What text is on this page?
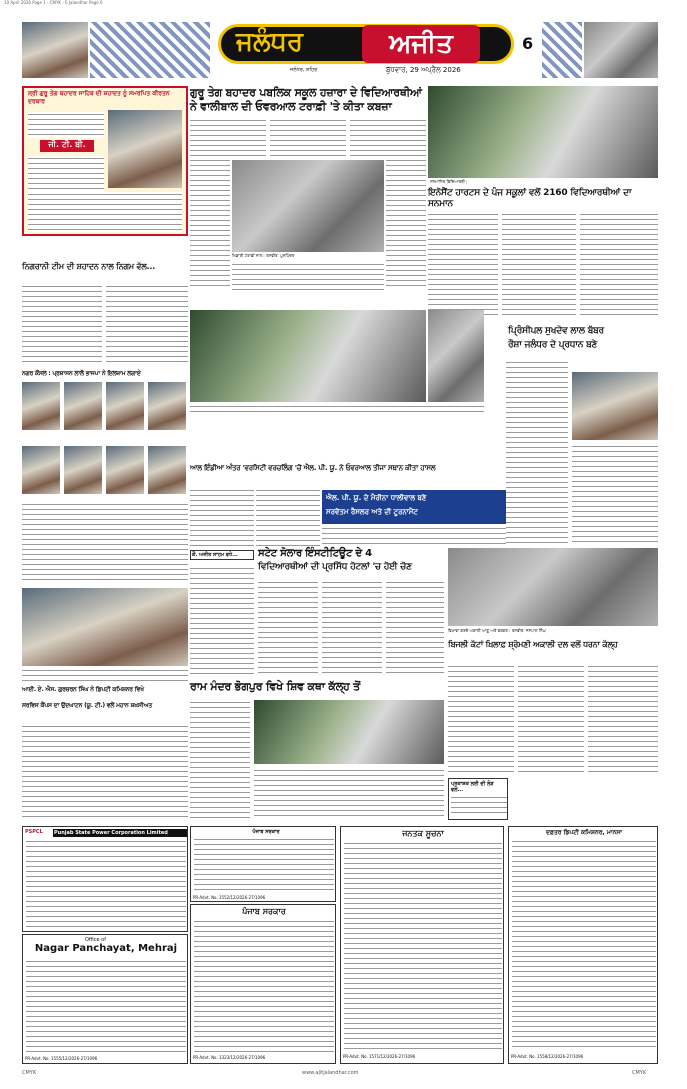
10 April 2026 Page 1 - CMYK - 6 Jalandhar Page 6
ਜਲੰਧਰ	ਅਜੀਤ
ਜਲੰਧਰ, ਸ਼ਹਿਰ	ਬੁੱਧਵਾਰ, 29 ਅਪ੍ਰੈਲ 2026
6
ਸ੍ਰੀ ਗੁਰੂ ਤੇਗ ਬਹਾਦਰ ਸਾਹਿਬ ਦੀ ਸ਼ਹਾਦਤ ਨੂੰ ਸਮਰਪਿਤ ਕੀਰਤਨ ਦਰਬਾਰ
ਜੀ. ਟੀ. ਬੀ.
ਗੁਰੂ ਤੇਗ ਬਹਾਦਰ ਪਬਲਿਕ ਸਕੂਲ ਹਜ਼ਾਰਾ ਦੇ ਵਿਦਿਆਰਥੀਆਂ
ਨੇ ਵਾਲੀਬਾਲ ਦੀ ਓਵਰਆਲ ਟਰਾਫ਼ੀ 'ਤੇ ਕੀਤਾ ਕਬਜ਼ਾ
ਖਿਡਾਰੀ ਟਰਾਫ਼ੀ ਨਾਲ। ਤਸਵੀਰ: ਪੁਸ਼ਪਿੰਦਰ
ਸਨਮਾਨਿਤ ਵਿਦਿਆਰਥੀ।
ਇਨੋਸੈਂਟ ਹਾਰਟਸ ਦੇ ਪੰਜ ਸਕੂਲਾਂ ਵਲੋਂ 2160 ਵਿਦਿਆਰਥੀਆਂ ਦਾ ਸਨਮਾਨ
ਨਿਗਰਾਨੀ ਟੀਮ ਦੀ ਸ਼ਹਾਦਨ ਨਾਲ ਨਿਗਮ ਵੱਲ...
ਨਗਰ ਕੌਂਸਲ : ਪ੍ਰਸ਼ਾਸਨ ਲਾਲੋ ਭਾਜਪਾ ਨੇ ਇਲਜ਼ਾਮ ਲਗਾਏ
ਪ੍ਰਿੰਸੀਪਲ ਸੁਖਦੇਵ ਲਾਲ ਬੱਬਰ
ਰੌਸ਼ਾ ਜਲੰਧਰ ਦੇ ਪ੍ਰਧਾਨ ਬਣੇ
ਆਲ ਇੰਡੀਆ ਅੰਤਰ 'ਵਰਸਿਟੀ ਵਰਚਲਿੰਗ 'ਚੋਂ ਐਲ. ਪੀ. ਯੂ. ਨੇ ਓਵਰਆਲ ਤੀਜਾ ਸਥਾਨ ਕੀਤਾ ਹਾਸਲ
ਐਲ. ਪੀ. ਯੂ. ਦੇ ਮੈਰੀਨਾ ਧਾਲੀਵਾਲ ਬਣੇ
ਸਰਵੋਤਮ ਰੈਸਲਰ ਅਤੇ ਦੀ ਟੂਰਨਾਮੈਂਟ
ਕੌਂ. ਅਜੀਤ ਸਾਹਮ ਵਧੇ...	ਸਟੇਟ ਸੋਲਾਰ ਇੰਸਟੀਟਿਊਟ ਦੇ 4
ਵਿਦਿਆਰਥੀਆਂ ਦੀ ਪ੍ਰਸਿੱਧ ਹੋਟਲਾਂ 'ਚ ਹੋਈ ਚੋਣ
ਵਿਖਾਵਾ ਕਰਦੇ ਅਕਾਲੀ ਆਗੂ ਅਤੇ ਵਰਕਰ। ਤਸਵੀਰ: ਜਸਪਾਲ ਸਿੰਘ
ਬਿਜਲੀ ਕੱਟਾਂ ਖ਼ਿਲਾਫ਼ ਸ਼੍ਰੋਮਣੀ ਅਕਾਲੀ ਦਲ ਵਲੋਂ ਧਰਨਾ ਕੱਲ੍ਹ
ਆਈ. ਏ. ਐਸ. ਗੁਰਚਰਨ ਸਿੰਘ ਨੇ ਡਿਪਟੀ ਕਮਿਸ਼ਨਰ ਵਿਖੇ
ਸਰਵਿਸ ਕੈਂਪਸ ਦਾ ਉਦਘਾਟਨ (ਯੂ. ਟੀ.) ਵਲੋਂ ਮਹਾਨ ਸ਼ਖ਼ਸੀਅਤ
ਰਾਮ ਮੰਦਰ ਭੋਗਪੁਰ ਵਿਖੇ ਸ਼ਿਵ ਕਥਾ ਕੱਲ੍ਹ ਤੋਂ
PSPCL	Punjab State Power Corporation Limited
Office of
Nagar Panchayat, Mehraj
PR-Advt. No. 1555/12/2026-27/1096
ਪੰਜਾਬ ਸਰਕਾਰ
PR-Advt. No. 1552/12/2026-27/1096
ਪੰਜਾਬ ਸਰਕਾਰ
PR-Advt. No. 1323/12/2026-27/1096
ਜਨਤਕ ਸੂਚਨਾ
PR-Advt. No. 1571/12/2026-27/1096
ਪ੍ਰਕਾਸ਼ਕ ਲਈ ਦੀ ਲੋੜ ਵਲੋਂ...
ਦਫ਼ਤਰ ਡਿਪਟੀ ਕਮਿਸ਼ਨਰ, ਮਾਨਸਾ
PR-Advt. No. 1558/12/2026-27/1096
CMYK	www.ajitjalandhar.com	CMYK
